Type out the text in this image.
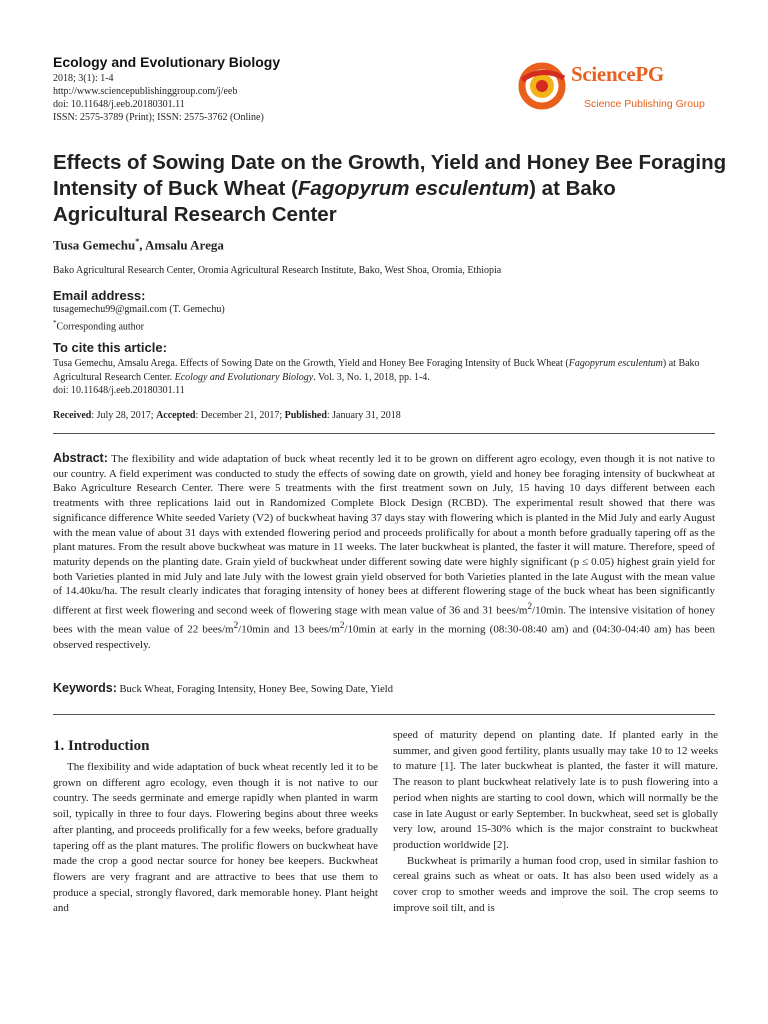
Ecology and Evolutionary Biology
2018; 3(1): 1-4
http://www.sciencepublishinggroup.com/j/eeb
doi: 10.11648/j.eeb.20180301.11
ISSN: 2575-3789 (Print); ISSN: 2575-3762 (Online)
SciencePG
Science Publishing Group
Effects of Sowing Date on the Growth, Yield and Honey Bee Foraging Intensity of Buck Wheat (Fagopyrum esculentum) at Bako Agricultural Research Center
Tusa Gemechu*, Amsalu Arega
Bako Agricultural Research Center, Oromia Agricultural Research Institute, Bako, West Shoa, Oromia, Ethiopia
Email address:
tusagemechu99@gmail.com (T. Gemechu)
*Corresponding author
To cite this article:
Tusa Gemechu, Amsalu Arega. Effects of Sowing Date on the Growth, Yield and Honey Bee Foraging Intensity of Buck Wheat (Fagopyrum esculentum) at Bako Agricultural Research Center. Ecology and Evolutionary Biology. Vol. 3, No. 1, 2018, pp. 1-4.
doi: 10.11648/j.eeb.20180301.11
Received: July 28, 2017; Accepted: December 21, 2017; Published: January 31, 2018
Abstract: The flexibility and wide adaptation of buck wheat recently led it to be grown on different agro ecology, even though it is not native to our country. A field experiment was conducted to study the effects of sowing date on growth, yield and honey bee foraging intensity of buckwheat at Bako Agriculture Research Center. There were 5 treatments with the first treatment sown on July, 15 having 10 days different between each treatments with three replications laid out in Randomized Complete Block Design (RCBD). The experimental result showed that there was significance difference White seeded Variety (V2) of buckwheat having 37 days stay with flowering which is planted in the Mid July and early August with the mean value of about 31 days with extended flowering period and proceeds prolifically for about a month before gradually tapering off as the plant matures. From the result above buckwheat was mature in 11 weeks. The later buckwheat is planted, the faster it will mature. Therefore, speed of maturity depends on the planting date. Grain yield of buckwheat under different sowing date were highly significant (p ≤ 0.05) highest grain yield for both Varieties planted in mid July and late July with the lowest grain yield observed for both Varieties planted in the late August with the mean value of 14.40ku/ha. The result clearly indicates that foraging intensity of honey bees at different flowering stage of the buck wheat has been significantly different at first week flowering and second week of flowering stage with mean value of 36 and 31 bees/$m^2/10\min$. The intensive visitation of honey bees with the mean value of 22 bees/$m^2/10\min$ and 13 bees/$m^2/10\min$ at early in the morning (08:30-08:40 am) and (04:30-04:40 am) has been observed respectively.
Keywords: Buck Wheat, Foraging Intensity, Honey Bee, Sowing Date, Yield
1. Introduction

The flexibility and wide adaptation of buck wheat recently led it to be grown on different agro ecology, even though it is not native to our country. The seeds germinate and emerge rapidly when planted in warm soil, typically in three to four days. Flowering begins about three weeks after planting, and proceeds prolifically for a few weeks, before gradually tapering off as the plant matures. The prolific flowers on buckwheat have made the crop a good nectar source for honey bee keepers. Buckwheat flowers are very fragrant and are attractive to bees that use them to produce a special, strongly flavored, dark memorable honey. Plant height and

speed of maturity depend on planting date. If planted early in the summer, and given good fertility, plants usually may take 10 to 12 weeks to mature [1]. The later buckwheat is planted, the faster it will mature. The reason to plant buckwheat relatively late is to push flowering into a period when nights are starting to cool down, which will normally be the case in late August or early September. In buckwheat, seed set is globally very low, around 15-30% which is the major constraint to buckwheat production worldwide [2].

Buckwheat is primarily a human food crop, used in similar fashion to cereal grains such as wheat or oats. It has also been used widely as a cover crop to smother weeds and improve the soil. The crop seems to improve soil tilt, and is
